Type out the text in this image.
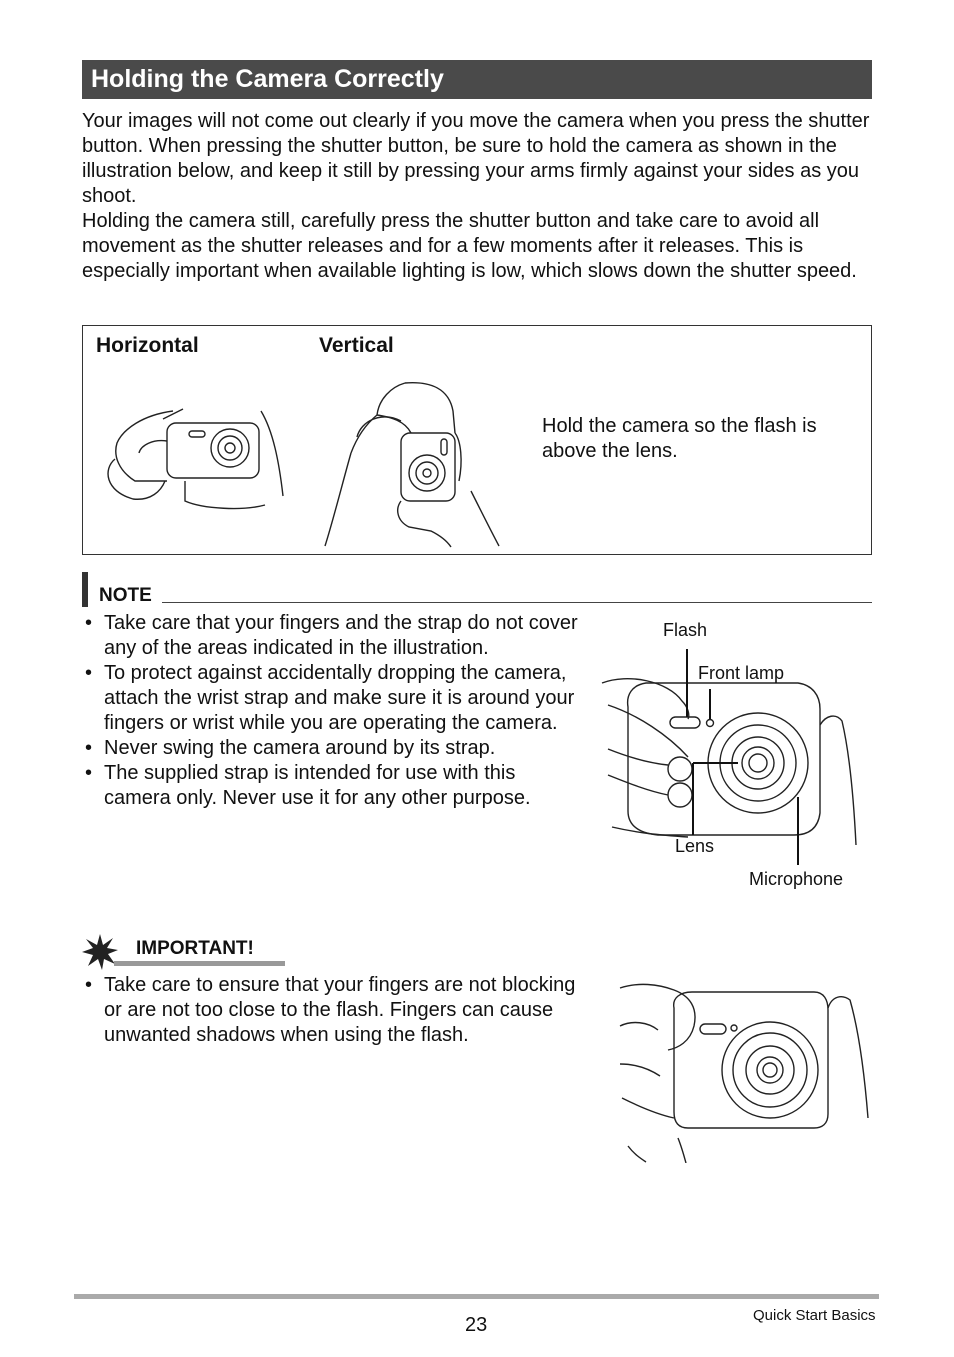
Holding the Camera Correctly

Your images will not come out clearly if you move the camera when you press the shutter button. When pressing the shutter button, be sure to hold the camera as shown in the illustration below, and keep it still by pressing your arms firmly against your sides as you shoot.

Holding the camera still, carefully press the shutter button and take care to avoid all movement as the shutter releases and for a few moments after it releases. This is especially important when available lighting is low, which slows down the shutter speed.

Horizontal	Vertical
Hold the camera so the flash is above the lens.
NOTE
• Take care that your fingers and the strap do not cover any of the areas indicated in the illustration.
• To protect against accidentally dropping the camera, attach the wrist strap and make sure it is around your fingers or wrist while you are operating the camera.
• Never swing the camera around by its strap.
• The supplied strap is intended for use with this camera only. Never use it for any other purpose.
Flash
Front lamp
Lens
Microphone
IMPORTANT!
• Take care to ensure that your fingers are not blocking or are not too close to the flash. Fingers can cause unwanted shadows when using the flash.
23	Quick Start Basics
